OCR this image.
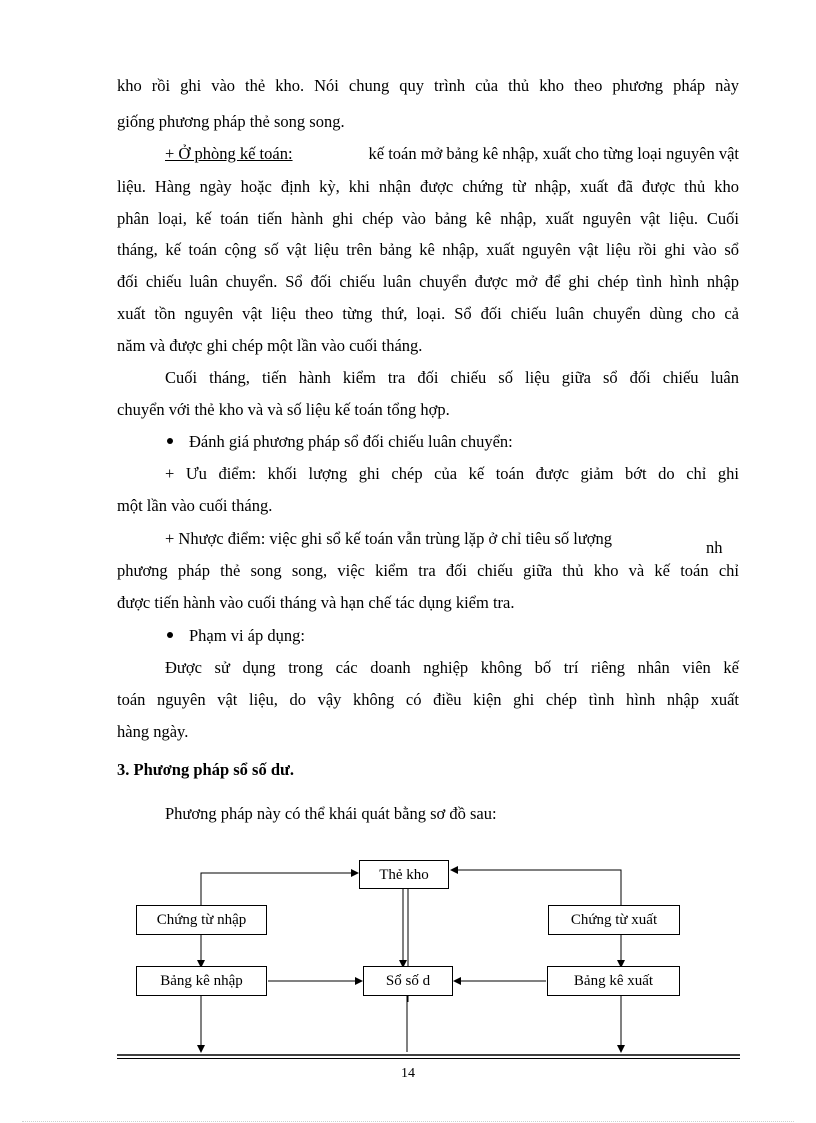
kho rồi ghi vào thẻ kho. Nói chung quy trình của thủ kho theo phương pháp này
giống phương pháp thẻ song song.
+ Ở phòng kế toán:	kế toán mở bảng kê nhập, xuất cho từng loại nguyên vật
liệu. Hàng ngày hoặc định kỳ, khi nhận được chứng từ nhập, xuất đã được thủ kho
phân loại, kế toán tiến hành ghi chép vào bảng kê nhập, xuất nguyên vật liệu. Cuối
tháng, kế toán cộng số vật liệu trên bảng kê nhập, xuất nguyên vật liệu rồi ghi vào sổ
đối chiếu luân chuyển. Sổ đối chiếu luân chuyển được mở để ghi chép tình hình nhập
xuất tồn nguyên vật liệu theo từng thứ, loại. Sổ đối chiếu luân chuyển dùng cho cả
năm và được ghi chép một lần vào cuối tháng.
Cuối tháng, tiến hành kiểm tra đối chiếu số liệu giữa sổ đối chiếu luân
chuyển với thẻ kho và và số liệu kế toán tổng hợp.
Đánh giá phương pháp sổ đối chiếu luân chuyển:
+ Ưu điểm: khối lượng ghi chép của kế toán được giảm bớt do chỉ ghi
một lần vào cuối tháng.
+ Nhược điểm: việc ghi sổ kế toán vẫn trùng lặp ở chỉ tiêu số lượng	nh
phương pháp thẻ song song, việc kiểm tra đối chiếu giữa thủ kho và kế toán chỉ
được tiến hành vào cuối tháng và hạn chế tác dụng kiểm tra.
Phạm vi áp dụng:
Được sử dụng trong các doanh nghiệp không bố trí riêng nhân viên kế
toán nguyên vật liệu, do vậy không có điều kiện ghi chép tình hình nhập xuất
hàng ngày.
3. Phương pháp sổ số dư.
Phương pháp này có thể khái quát bằng sơ đồ sau:
Thẻ kho
Chứng từ nhập	Chứng từ xuất
Bảng kê nhập	Sổ số d	Bảng kê xuất
14
